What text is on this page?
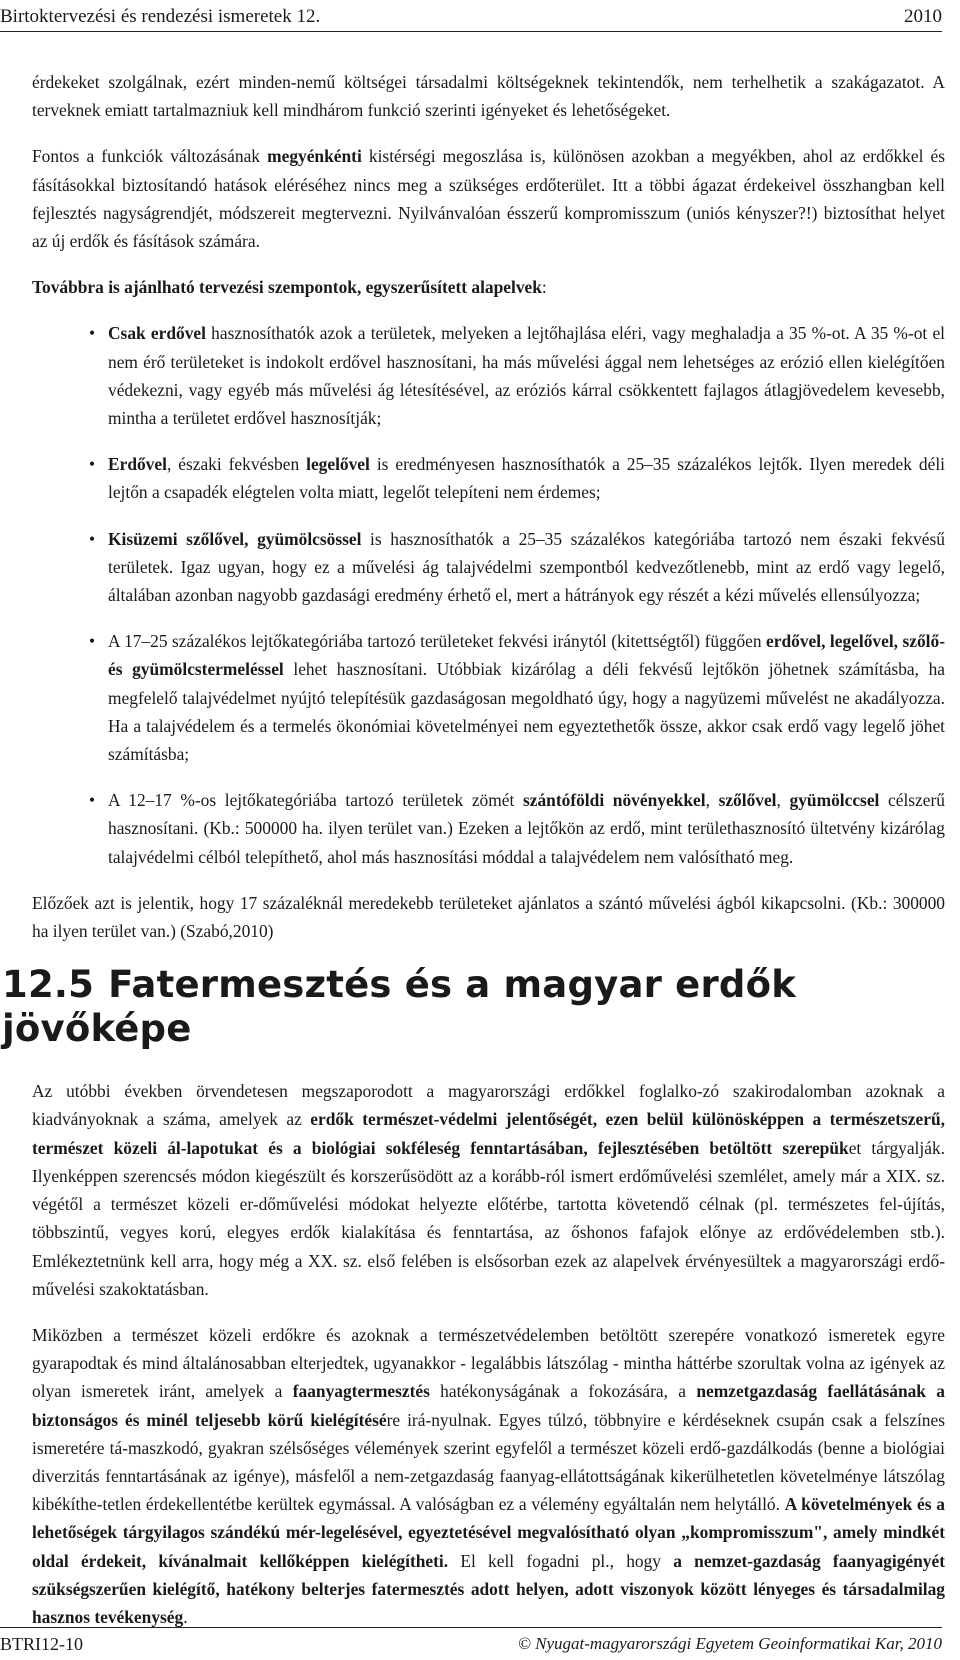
Birtoktervezési és rendezési ismeretek 12.	2010

érdekeket szolgálnak, ezért minden-nemű költségei társadalmi költségeknek tekintendők, nem terhelhetik a szakágazatot. A terveknek emiatt tartalmazniuk kell mindhárom funkció szerinti igényeket és lehetőségeket.

Fontos a funkciók változásának megyénkénti kistérségi megoszlása is, különösen azokban a megyékben, ahol az erdőkkel és fásításokkal biztosítandó hatások eléréséhez nincs meg a szükséges erdőterület. Itt a többi ágazat érdekeivel összhangban kell fejlesztés nagyságrendjét, módszereit megtervezni. Nyilvánvalóan ésszerű kompromisszum (uniós kényszer?!) biztosíthat helyet az új erdők és fásítások számára.

Továbbra is ajánlható tervezési szempontok, egyszerűsített alapelvek:

• Csak erdővel hasznosíthatók azok a területek, melyeken a lejtőhajlása eléri, vagy meghaladja a 35 %-ot. A 35 %-ot el nem érő területeket is indokolt erdővel hasznosítani, ha más művelési ággal nem lehetséges az erózió ellen kielégítően védekezni, vagy egyéb más művelési ág létesítésével, az eróziós kárral csökkentett fajlagos átlagjövedelem kevesebb, mintha a területet erdővel hasznosítják;
• Erdővel, északi fekvésben legelővel is eredményesen hasznosíthatók a 25–35 százalékos lejtők. Ilyen meredek déli lejtőn a csapadék elégtelen volta miatt, legelőt telepíteni nem érdemes;
• Kisüzemi szőlővel, gyümölcsössel is hasznosíthatók a 25–35 százalékos kategóriába tartozó nem északi fekvésű területek. Igaz ugyan, hogy ez a művelési ág talajvédelmi szempontból kedvezőtlenebb, mint az erdő vagy legelő, általában azonban nagyobb gazdasági eredmény érhető el, mert a hátrányok egy részét a kézi művelés ellensúlyozza;
• A 17–25 százalékos lejtőkategóriába tartozó területeket fekvési iránytól (kitettségtől) függően erdővel, legelővel, szőlő- és gyümölcstermeléssel lehet hasznosítani. Utóbbiak kizárólag a déli fekvésű lejtőkön jöhetnek számításba, ha megfelelő talajvédelmet nyújtó telepítésük gazdaságosan megoldható úgy, hogy a nagyüzemi művelést ne akadályozza. Ha a talajvédelem és a termelés ökonómiai követelményei nem egyeztethetők össze, akkor csak erdő vagy legelő jöhet számításba;
• A 12–17 %-os lejtőkategóriába tartozó területek zömét szántóföldi növényekkel, szőlővel, gyümölccsel célszerű hasznosítani. (Kb.: 500000 ha. ilyen terület van.) Ezeken a lejtőkön az erdő, mint területhasznosító ültetvény kizárólag talajvédelmi célból telepíthető, ahol más hasznosítási móddal a talajvédelem nem valósítható meg.

Előzőek azt is jelentik, hogy 17 százaléknál meredekebb területeket ajánlatos a szántó művelési ágból kikapcsolni. (Kb.: 300000 ha ilyen terület van.) (Szabó,2010)

12.5 Fatermesztés és a magyar erdők jövőképe

Az utóbbi években örvendetesen megszaporodott a magyarországi erdőkkel foglalko-zó szakirodalomban azoknak a kiadványoknak a száma, amelyek az erdők természet-védelmi jelentőségét, ezen belül különösképpen a természetszerű, természet közeli ál-lapotukat és a biológiai sokféleség fenntartásában, fejlesztésében betöltött szerepüket tárgyalják. Ilyenképpen szerencsés módon kiegészült és korszerűsödött az a korább-ról ismert erdőművelési szemlélet, amely már a XIX. sz. végétől a természet közeli er-dőművelési módokat helyezte előtérbe, tartotta követendő célnak (pl. természetes fel-újítás, többszintű, vegyes korú, elegyes erdők kialakítása és fenntartása, az őshonos fafajok előnye az erdővédelemben stb.). Emlékeztetnünk kell arra, hogy még a XX. sz. első felében is elsősorban ezek az alapelvek érvényesültek a magyarországi erdő-művelési szakoktatásban.

Miközben a természet közeli erdőkre és azoknak a természetvédelemben betöltött szerepére vonatkozó ismeretek egyre gyarapodtak és mind általánosabban elterjedtek, ugyanakkor - legalábbis látszólag - mintha háttérbe szorultak volna az igények az olyan ismeretek iránt, amelyek a faanyagtermesztés hatékonyságának a fokozására, a nemzetgazdaság faellátásának a biztonságos és minél teljesebb körű kielégítésére irá-nyulnak. Egyes túlzó, többnyire e kérdéseknek csupán csak a felszínes ismeretére tá-maszkodó, gyakran szélsőséges vélemények szerint egyfelől a természet közeli erdő-gazdálkodás (benne a biológiai diverzitás fenntartásának az igénye), másfelől a nem-zetgazdaság faanyag-ellátottságának kikerülhetetlen követelménye látszólag kibékíthe-tetlen érdekellentétbe kerültek egymással. A valóságban ez a vélemény egyáltalán nem helytálló. A követelmények és a lehetőségek tárgyilagos szándékú mér-legelésével, egyeztetésével megvalósítható olyan „kompromisszum", amely mindkét oldal érdekeit, kívánalmait kellőképpen kielégítheti. El kell fogadni pl., hogy a nemzet-gazdaság faanyagigényét szükségszerűen kielégítő, hatékony belterjes fatermesztés adott helyen, adott viszonyok között lényeges és társadalmilag hasznos tevékenység.

BTRI12-10	© Nyugat-magyarországi Egyetem Geoinformatikai Kar, 2010
